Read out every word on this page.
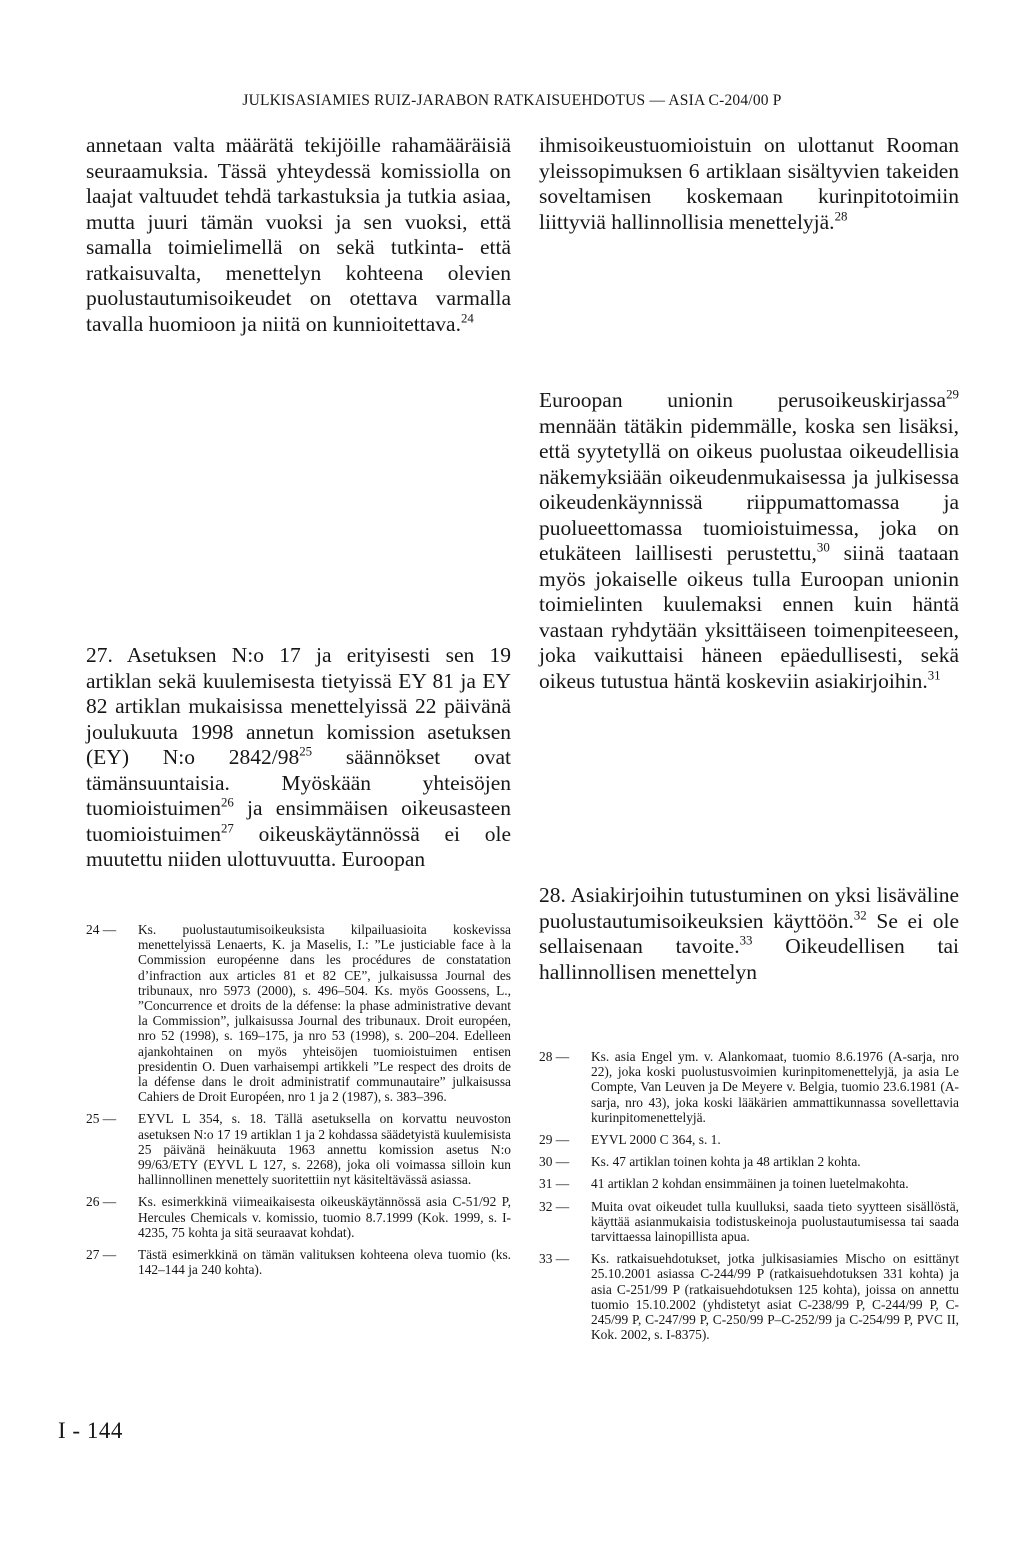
JULKISASIAMIES RUIZ-JARABON RATKAISUEHDOTUS — ASIA C-204/00 P

annetaan valta määrätä tekijöille rahamääräisiä seuraamuksia. Tässä yhteydessä komissiolla on laajat valtuudet tehdä tarkastuksia ja tutkia asiaa, mutta juuri tämän vuoksi ja sen vuoksi, että samalla toimielimellä on sekä tutkinta- että ratkaisuvalta, menettelyn kohteena olevien puolustautumisoikeudet on otettava varmalla tavalla huomioon ja niitä on kunnioitettava.$^{24}$

27. Asetuksen N:o 17 ja erityisesti sen 19 artiklan sekä kuulemisesta tietyissä EY 81 ja EY 82 artiklan mukaisissa menettelyissä 22 päivänä joulukuuta 1998 annetun komission asetuksen (EY) N:o $2842/98^{25}$ säännökset ovat tämänsuuntaisia. Myöskään yhteisöjen tuomioistuimen$^{26}$ ja ensimmäisen oikeusasteen tuomioistuimen$^{27}$ oikeuskäytännössä ei ole muutettu niiden ulottuvuutta. Euroopan

24 —	Ks. puolustautumisoikeuksista kilpailuasioita koskevissa menettelyissä Lenaerts, K. ja Maselis, I.: ”Le justiciable face à la Commission européenne dans les procédures de constatation d’infraction aux articles 81 et 82 CE”, julkaisussa Journal des tribunaux, nro 5973 (2000), s. 496–504. Ks. myös Goossens, L., ”Concurrence et droits de la défense: la phase administrative devant la Commission”, julkaisussa Journal des tribunaux. Droit européen, nro 52 (1998), s. 169–175, ja nro 53 (1998), s. 200–204. Edelleen ajankohtainen on myös yhteisöjen tuomioistuimen entisen presidentin O. Duen varhaisempi artikkeli ”Le respect des droits de la défense dans le droit administratif communautaire” julkaisussa Cahiers de Droit Européen, nro 1 ja 2 (1987), s. 383–396.
25 —	EYVL L 354, s. 18. Tällä asetuksella on korvattu neuvoston asetuksen N:o 17 19 artiklan 1 ja 2 kohdassa säädetyistä kuulemisista 25 päivänä heinäkuuta 1963 annettu komission asetus N:o 99/63/ETY (EYVL L 127, s. 2268), joka oli voimassa silloin kun hallinnollinen menettely suoritettiin nyt käsiteltävässä asiassa.
26 —	Ks. esimerkkinä viimeaikaisesta oikeuskäytännössä asia C-51/92 P, Hercules Chemicals v. komissio, tuomio 8.7.1999 (Kok. 1999, s. I-4235, 75 kohta ja sitä seuraavat kohdat).
27 —	Tästä esimerkkinä on tämän valituksen kohteena oleva tuomio (ks. 142–144 ja 240 kohta).
I - 144

ihmisoikeustuomioistuin on ulottanut Rooman yleissopimuksen 6 artiklaan sisältyvien takeiden soveltamisen koskemaan kurinpitotoimiin liittyviä hallinnollisia menettelyjä.$^{28}$

Euroopan unionin perusoikeuskirjassa$^{29}$ mennään tätäkin pidemmälle, koska sen lisäksi, että syytetyllä on oikeus puolustaa oikeudellisia näkemyksiään oikeudenmukaisessa ja julkisessa oikeudenkäynnissä riippumattomassa ja puolueettomassa tuomioistuimessa, joka on etukäteen laillisesti perustettu,$^{30}$ siinä taataan myös jokaiselle oikeus tulla Euroopan unionin toimielinten kuulemaksi ennen kuin häntä vastaan ryhdytään yksittäiseen toimenpiteeseen, joka vaikuttaisi häneen epäedullisesti, sekä oikeus tutustua häntä koskeviin asiakirjoihin.$^{31}$

28. Asiakirjoihin tutustuminen on yksi lisäväline puolustautumisoikeuksien käyttöön.$^{32}$ Se ei ole sellaisenaan tavoite.$^{33}$ Oikeudellisen tai hallinnollisen menettelyn

28 —	Ks. asia Engel ym. v. Alankomaat, tuomio 8.6.1976 (A-sarja, nro 22), joka koski puolustusvoimien kurinpitomenettelyjä, ja asia Le Compte, Van Leuven ja De Meyere v. Belgia, tuomio 23.6.1981 (A-sarja, nro 43), joka koski lääkärien ammattikunnassa sovellettavia kurinpitomenettelyjä.
29 —	EYVL 2000 C 364, s. 1.
30 —	Ks. 47 artiklan toinen kohta ja 48 artiklan 2 kohta.
31 —	41 artiklan 2 kohdan ensimmäinen ja toinen luetelmakohta.
32 —	Muita ovat oikeudet tulla kuulluksi, saada tieto syytteen sisällöstä, käyttää asianmukaisia todistuskeinoja puolustautumisessa tai saada tarvittaessa lainopillista apua.
33 —	Ks. ratkaisuehdotukset, jotka julkisasiamies Mischo on esittänyt 25.10.2001 asiassa C-244/99 P (ratkaisuehdotuksen 331 kohta) ja asia C-251/99 P (ratkaisuehdotuksen 125 kohta), joissa on annettu tuomio 15.10.2002 (yhdistetyt asiat C-238/99 P, C-244/99 P, C-245/99 P, C-247/99 P, C-250/99 P–C-252/99 ja C-254/99 P, PVC II, Kok. 2002, s. I-8375).
